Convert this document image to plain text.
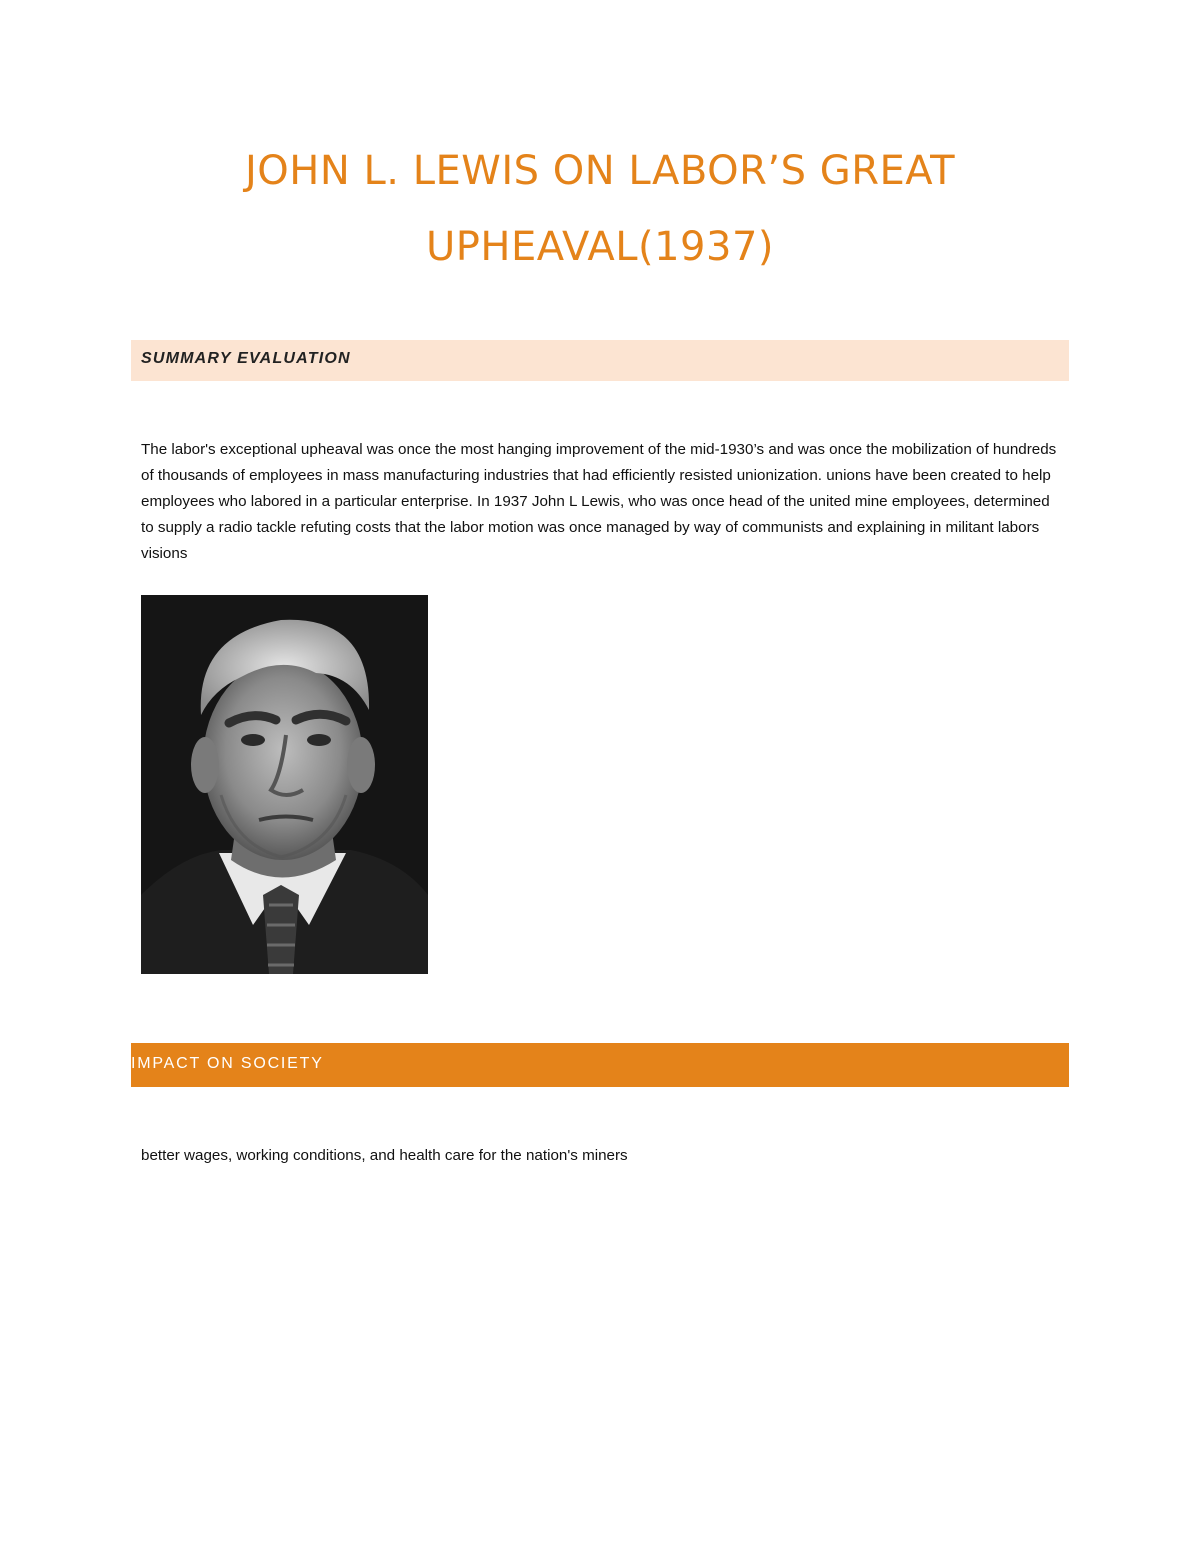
JOHN L. LEWIS ON LABOR’S GREAT
UPHEAVAL(1937)
SUMMARY EVALUATION

The labor's exceptional upheaval was once the most hanging improvement of the mid-1930’s and was once the mobilization of hundreds of thousands of employees in mass manufacturing industries that had efficiently resisted unionization. unions have been created to help employees who labored in a particular enterprise. In 1937 John L Lewis, who was once head of the united mine employees, determined to supply a radio tackle refuting costs that the labor motion was once managed by way of communists and explaining in militant labors visions

IMPACT ON SOCIETY

better wages, working conditions, and health care for the nation's miners
